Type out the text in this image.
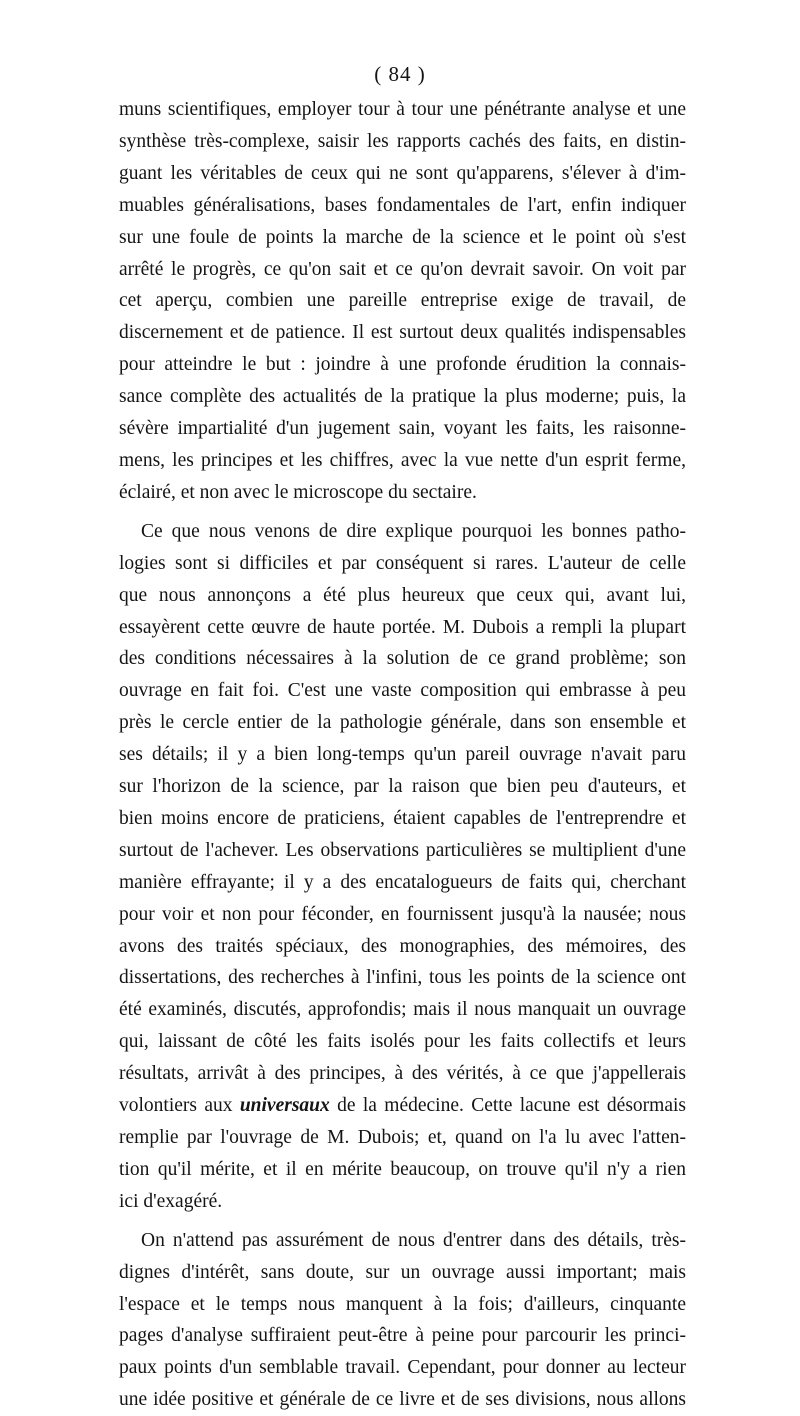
( 84 )
muns scientifiques, employer tour à tour une pénétrante analyse et une
synthèse très-complexe, saisir les rapports cachés des faits, en distin-
guant les véritables de ceux qui ne sont qu'apparens, s'élever à d'im-
muables généralisations, bases fondamentales de l'art, enfin indiquer
sur une foule de points la marche de la science et le point où s'est
arrêté le progrès, ce qu'on sait et ce qu'on devrait savoir. On voit par
cet aperçu, combien une pareille entreprise exige de travail, de
discernement et de patience. Il est surtout deux qualités indispensables
pour atteindre le but : joindre à une profonde érudition la connais-
sance complète des actualités de la pratique la plus moderne; puis, la
sévère impartialité d'un jugement sain, voyant les faits, les raisonne-
mens, les principes et les chiffres, avec la vue nette d'un esprit ferme,
éclairé, et non avec le microscope du sectaire.
Ce que nous venons de dire explique pourquoi les bonnes patho-
logies sont si difficiles et par conséquent si rares. L'auteur de celle
que nous annonçons a été plus heureux que ceux qui, avant lui,
essayèrent cette œuvre de haute portée. M. Dubois a rempli la plupart
des conditions nécessaires à la solution de ce grand problème; son
ouvrage en fait foi. C'est une vaste composition qui embrasse à peu
près le cercle entier de la pathologie générale, dans son ensemble et
ses détails; il y a bien long-temps qu'un pareil ouvrage n'avait paru
sur l'horizon de la science, par la raison que bien peu d'auteurs, et
bien moins encore de praticiens, étaient capables de l'entreprendre et
surtout de l'achever. Les observations particulières se multiplient d'une
manière effrayante; il y a des encatalogueurs de faits qui, cherchant
pour voir et non pour féconder, en fournissent jusqu'à la nausée; nous
avons des traités spéciaux, des monographies, des mémoires, des
dissertations, des recherches à l'infini, tous les points de la science ont
été examinés, discutés, approfondis; mais il nous manquait un ouvrage
qui, laissant de côté les faits isolés pour les faits collectifs et leurs
résultats, arrivât à des principes, à des vérités, à ce que j'appellerais
volontiers aux universaux de la médecine. Cette lacune est désormais
remplie par l'ouvrage de M. Dubois; et, quand on l'a lu avec l'atten-
tion qu'il mérite, et il en mérite beaucoup, on trouve qu'il n'y a rien
ici d'exagéré.
On n'attend pas assurément de nous d'entrer dans des détails, très-
dignes d'intérêt, sans doute, sur un ouvrage aussi important; mais
l'espace et le temps nous manquent à la fois; d'ailleurs, cinquante
pages d'analyse suffiraient peut-être à peine pour parcourir les princi-
paux points d'un semblable travail. Cependant, pour donner au lecteur
une idée positive et générale de ce livre et de ses divisions, nous allons
